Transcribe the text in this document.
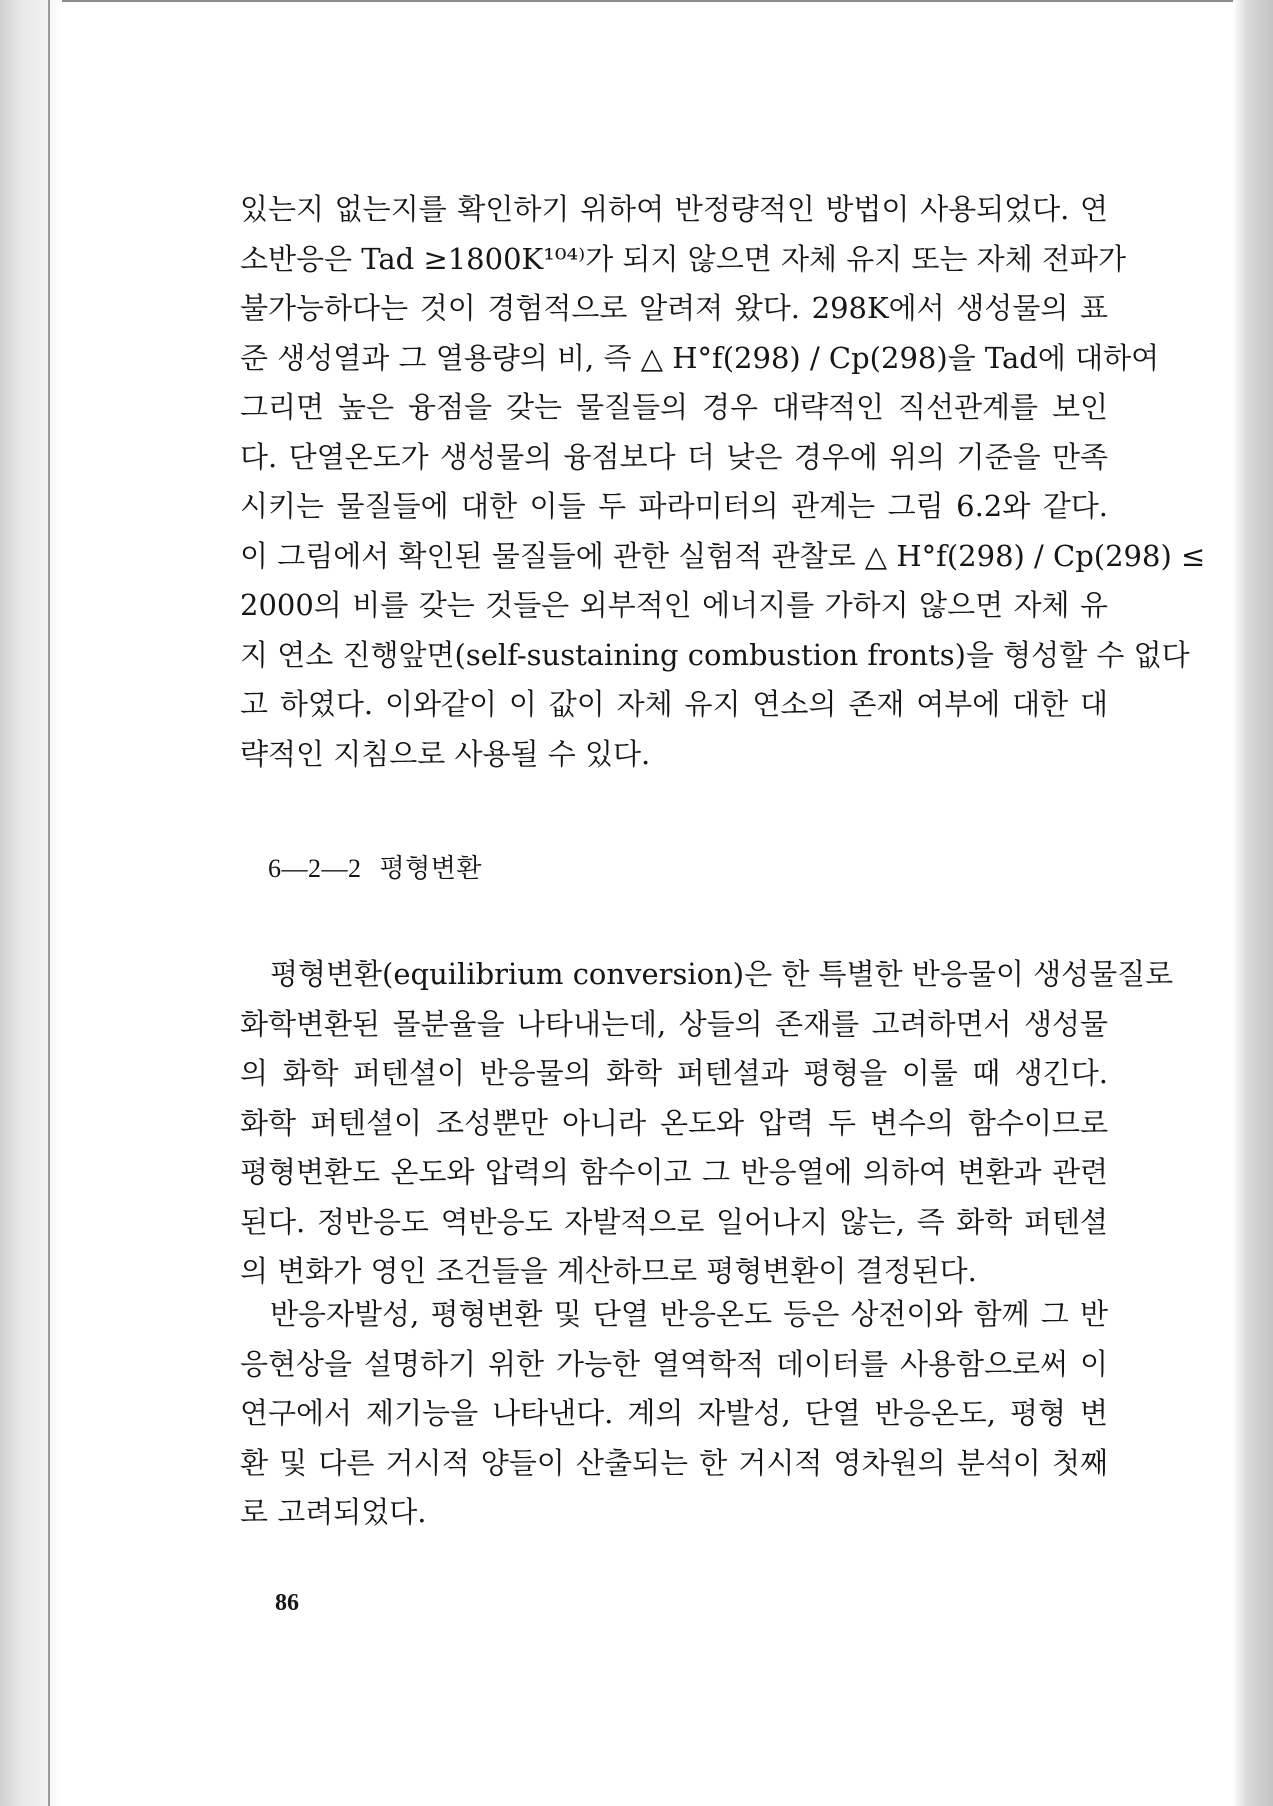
있는지 없는지를 확인하기 위하여 반정량적인 방법이 사용되었다. 연

소반응은 Tad ≥1800K¹⁰⁴⁾가 되지 않으면 자체 유지 또는 자체 전파가

불가능하다는 것이 경험적으로 알려져 왔다. 298K에서 생성물의 표

준 생성열과 그 열용량의 비, 즉 △ H°f(298) / Cp(298)을 Tad에 대하여

그리면 높은 융점을 갖는 물질들의 경우 대략적인 직선관계를 보인

다. 단열온도가 생성물의 융점보다 더 낮은 경우에 위의 기준을 만족

시키는 물질들에 대한 이들 두 파라미터의 관계는 그림 6.2와 같다.

이 그림에서 확인된 물질들에 관한 실험적 관찰로 △ H°f(298) / Cp(298) ≤

2000의 비를 갖는 것들은 외부적인 에너지를 가하지 않으면 자체 유

지 연소 진행앞면(self-sustaining combustion fronts)을 형성할 수 없다

고 하였다. 이와같이 이 값이 자체 유지 연소의 존재 여부에 대한 대

략적인 지침으로 사용될 수 있다.

6—2—2 평형변환

평형변환(equilibrium conversion)은 한 특별한 반응물이 생성물질로

화학변환된 몰분율을 나타내는데, 상들의 존재를 고려하면서 생성물

의 화학 퍼텐셜이 반응물의 화학 퍼텐셜과 평형을 이룰 때 생긴다.

화학 퍼텐셜이 조성뿐만 아니라 온도와 압력 두 변수의 함수이므로

평형변환도 온도와 압력의 함수이고 그 반응열에 의하여 변환과 관련

된다. 정반응도 역반응도 자발적으로 일어나지 않는, 즉 화학 퍼텐셜

의 변화가 영인 조건들을 계산하므로 평형변환이 결정된다.

반응자발성, 평형변환 및 단열 반응온도 등은 상전이와 함께 그 반

응현상을 설명하기 위한 가능한 열역학적 데이터를 사용함으로써 이

연구에서 제기능을 나타낸다. 계의 자발성, 단열 반응온도, 평형 변

환 및 다른 거시적 양들이 산출되는 한 거시적 영차원의 분석이 첫째

로 고려되었다.

86
